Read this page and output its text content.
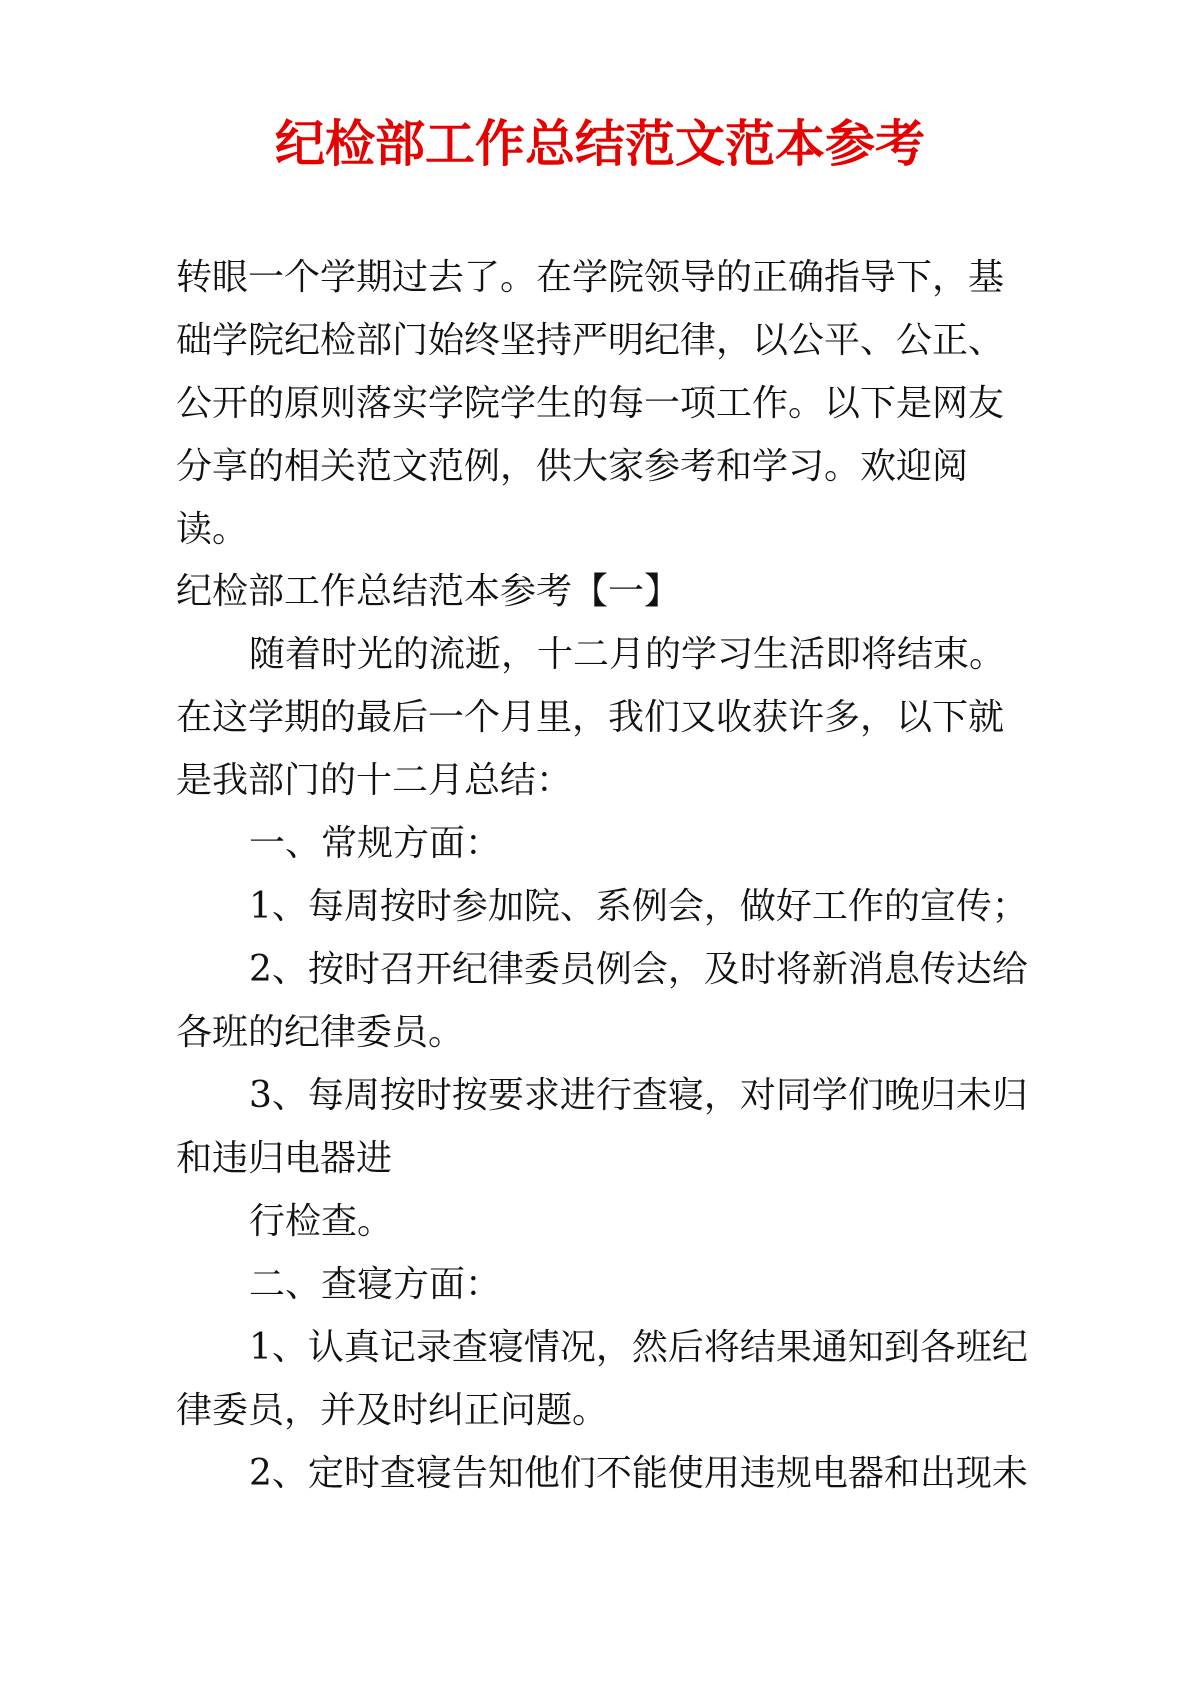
纪检部工作总结范文范本参考

转眼一个学期过去了。在学院领导的正确指导下，基础学院纪检部门始终坚持严明纪律，以公平、公正、公开的原则落实学院学生的每一项工作。以下是网友分享的相关范文范例，供大家参考和学习。欢迎阅读。

纪检部工作总结范本参考【一】

随着时光的流逝，十二月的学习生活即将结束。在这学期的最后一个月里，我们又收获许多，以下就是我部门的十二月总结：

一、常规方面：

1、每周按时参加院、系例会，做好工作的宣传；

2、按时召开纪律委员例会，及时将新消息传达给各班的纪律委员。

3、每周按时按要求进行查寝，对同学们晚归未归和违归电器进

行检查。

二、查寝方面：

1、认真记录查寝情况，然后将结果通知到各班纪律委员，并及时纠正问题。

2、定时查寝告知他们不能使用违规电器和出现未
